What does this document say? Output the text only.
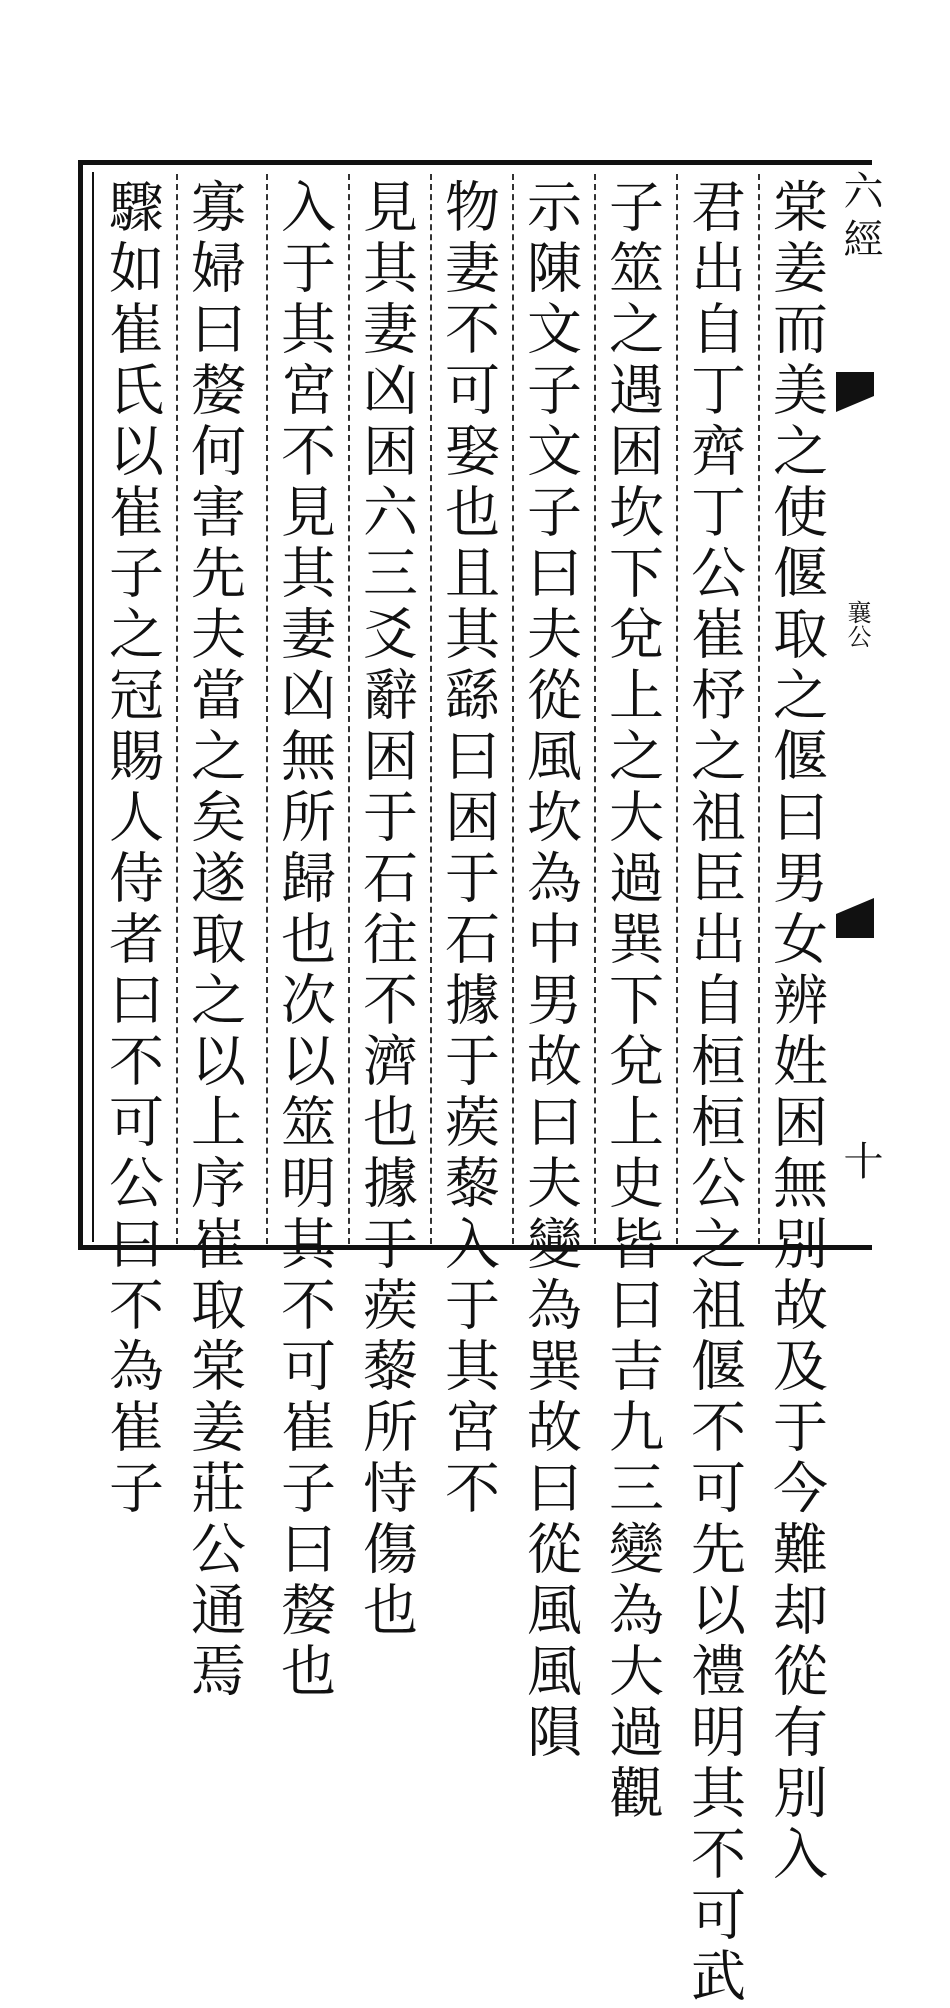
六經
襄公
十
棠姜而美之使偃取之偃曰男女辨姓困無別故及于今難却從有別入
君出自丁齊丁公崔杼之祖臣出自桓桓公之祖偃不可先以禮明其不可武
子筮之遇困坎下兌上之大過巽下兌上史皆曰吉九三變為大過觀
示陳文子文子曰夫從風坎為中男故曰夫變為巽故曰從風風隕
物妻不可娶也且其繇曰困于石據于蒺藜入于其宮不
見其妻凶困六三爻辭困于石往不濟也據于蒺藜所恃傷也
入于其宮不見其妻凶無所歸也次以筮明其不可崔子曰嫠也
寡婦曰嫠何害先夫當之矣遂取之以上序崔取棠姜莊公通焉
驟如崔氏以崔子之冠賜人侍者曰不可公曰不為崔子
